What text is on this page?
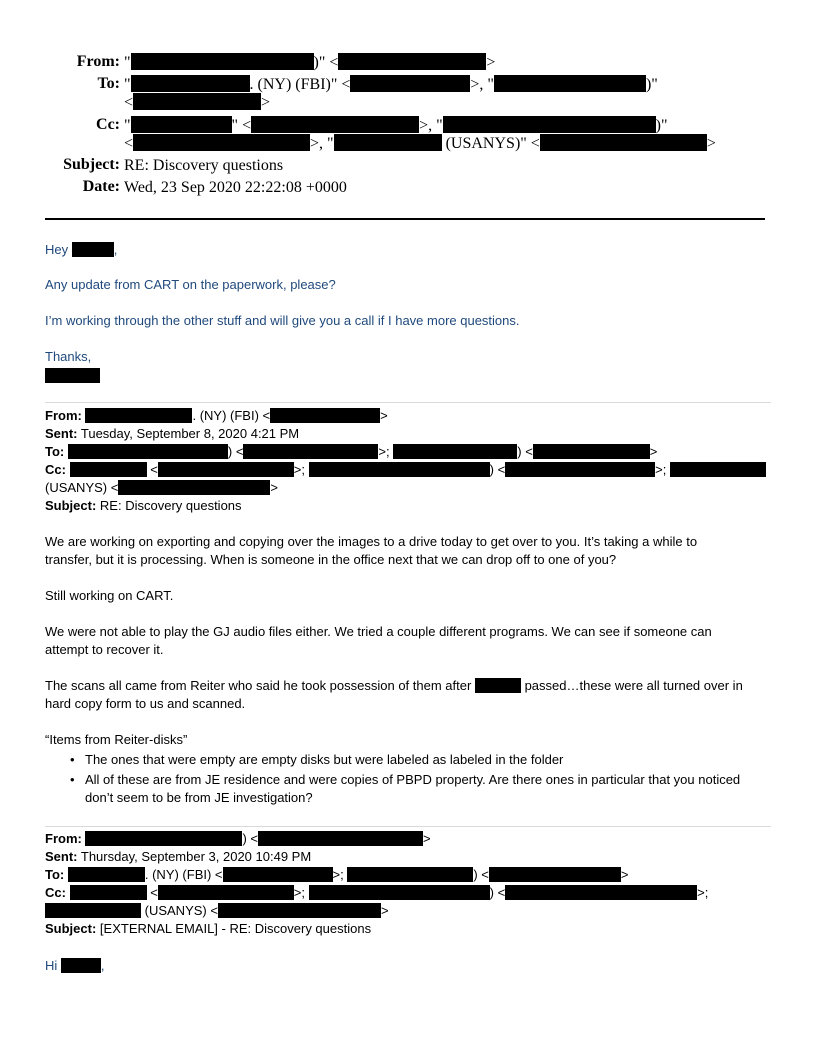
From: "	)" <	>
To: "	. (NY) (FBI)" <	>, "	)"
<	>
Cc: "	" <	>, "	)"
<	>, "	(USANYS)" <	>
Subject: RE: Discovery questions
Date: Wed, 23 Sep 2020 22:22:08 +0000
Hey	,
Any update from CART on the paperwork, please?
I’m working through the other stuff and will give you a call if I have more questions.
Thanks,
From:	. (NY) (FBI) <	>
Sent: Tuesday, September 8, 2020 4:21 PM
To:	) <	>;	) <	>
Cc:	<	>;	) <	>;
(USANYS) <	>
Subject: RE: Discovery questions
We are working on exporting and copying over the images to a drive today to get over to you. It’s taking a while to
transfer, but it is processing. When is someone in the office next that we can drop off to one of you?
Still working on CART.
We were not able to play the GJ audio files either. We tried a couple different programs. We can see if someone can
attempt to recover it.
The scans all came from Reiter who said he took possession of them after	passed…these were all turned over in
hard copy form to us and scanned.
“Items from Reiter-disks”
• The ones that were empty are empty disks but were labeled as labeled in the folder
• All of these are from JE residence and were copies of PBPD property. Are there ones in particular that you noticed
don’t seem to be from JE investigation?
From:	) <	>
Sent: Thursday, September 3, 2020 10:49 PM
To:	. (NY) (FBI) <	>;	) <	>
Cc:	<	>;	) <	>;
(USANYS) <	>
Subject: [EXTERNAL EMAIL] - RE: Discovery questions
Hi	,
